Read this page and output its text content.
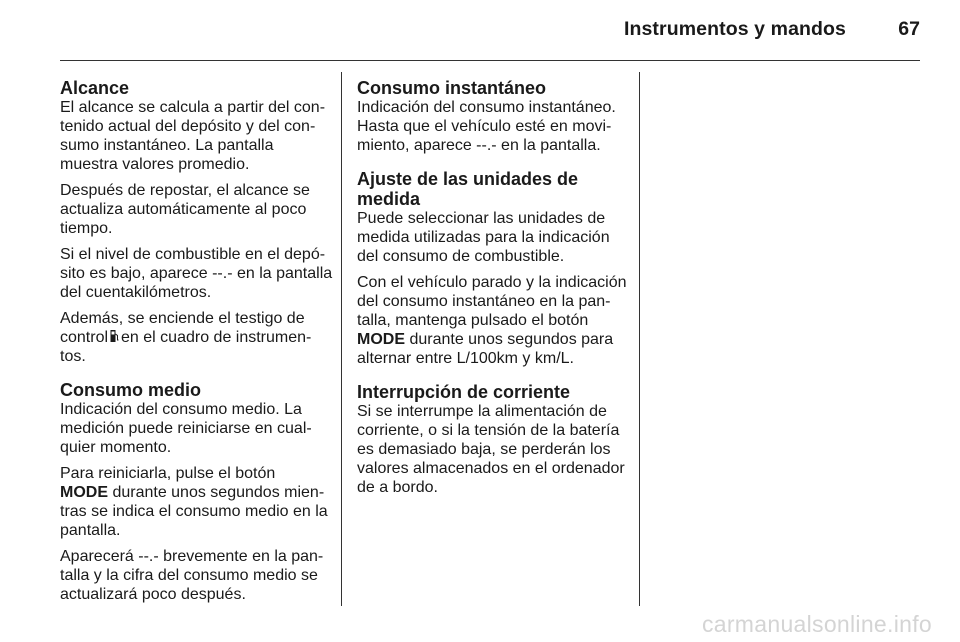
Instrumentos y mandos	67
Alcance

El alcance se calcula a partir del con-
tenido actual del depósito y del con-
sumo instantáneo. La pantalla
muestra valores promedio.

Después de repostar, el alcance se
actualiza automáticamente al poco
tiempo.

Si el nivel de combustible en el depó-
sito es bajo, aparece --.- en la pantalla
del cuentakilómetros.

Además, se enciende el testigo de
control en el cuadro de instrumen-
tos.

Consumo medio

Indicación del consumo medio. La
medición puede reiniciarse en cual-
quier momento.

Para reiniciarla, pulse el botón
MODE durante unos segundos mien-
tras se indica el consumo medio en la
pantalla.

Aparecerá --.- brevemente en la pan-
talla y la cifra del consumo medio se
actualizará poco después.

Consumo instantáneo

Indicación del consumo instantáneo.
Hasta que el vehículo esté en movi-
miento, aparece --.- en la pantalla.

Ajuste de las unidades de
medida

Puede seleccionar las unidades de
medida utilizadas para la indicación
del consumo de combustible.

Con el vehículo parado y la indicación
del consumo instantáneo en la pan-
talla, mantenga pulsado el botón
MODE durante unos segundos para
alternar entre L/100km y km/L.

Interrupción de corriente

Si se interrumpe la alimentación de
corriente, o si la tensión de la batería
es demasiado baja, se perderán los
valores almacenados en el ordenador
de a bordo.

carmanualsonline.info
